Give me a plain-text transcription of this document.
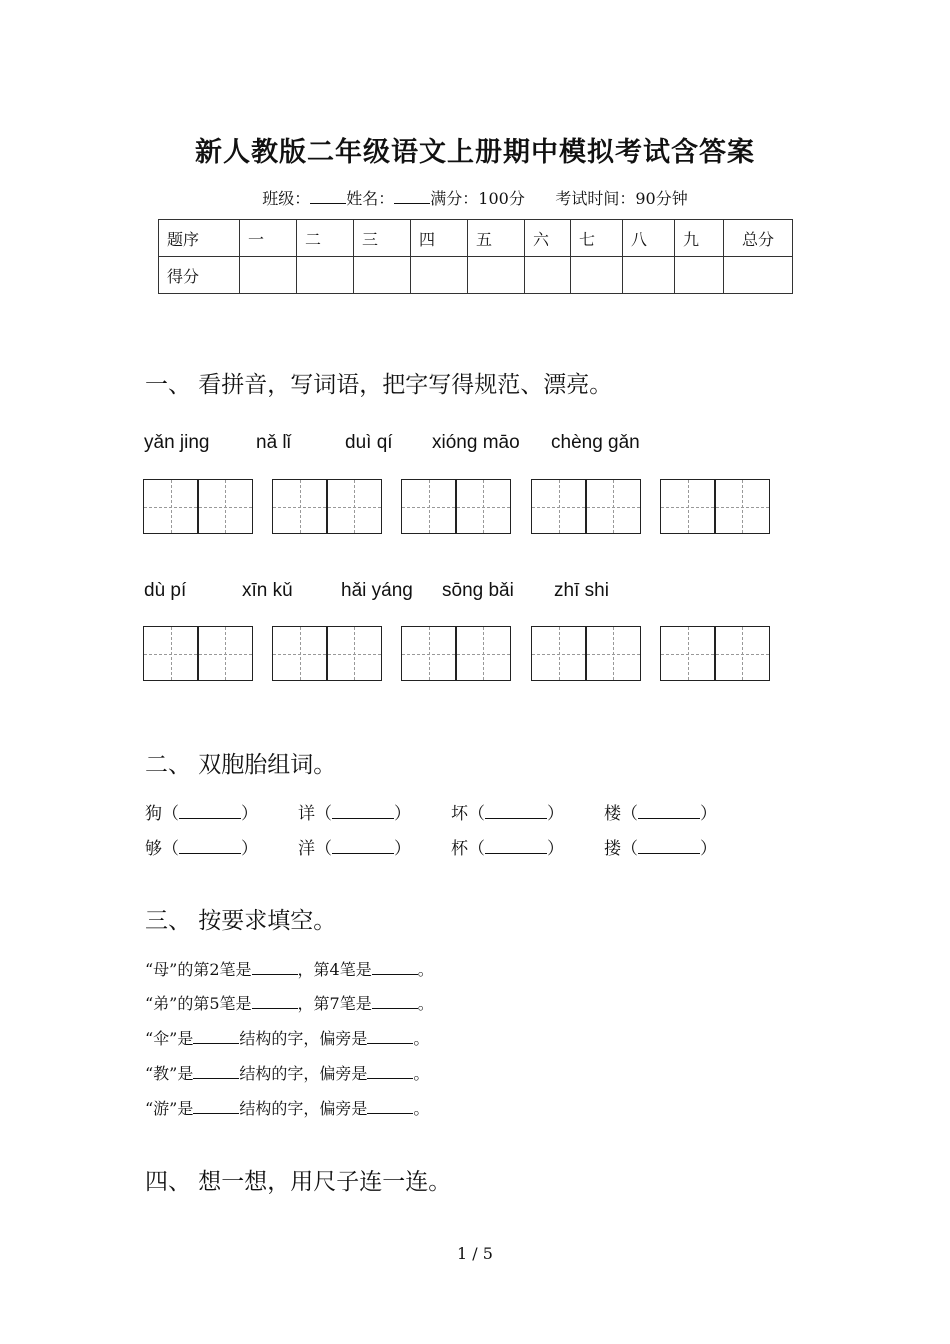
新人教版二年级语文上册期中模拟考试含答案
班级： 姓名： 满分：100分 考试时间：90分钟
题序	一	二	三	四	五	六	七	八	九	总分
得分										
一、 看拼音，写词语，把字写得规范、漂亮。
yǎn jing nǎ lǐ	duì qí xióng māo chèng gǎn
dù pí	xīn kǔ	hǎi yáng sōng bǎi zhī shi
二、 双胞胎组词。
狗（	） 详（	） 坏（	） 楼（	）
够（	） 洋（	） 杯（	） 搂（	）
三、 按要求填空。
“母”的第2笔是	，第4笔是	。
“弟”的第5笔是	，第7笔是	。
“伞”是	结构的字，偏旁是	。
“教”是	结构的字，偏旁是	。
“游”是	结构的字，偏旁是	。
四、 想一想，用尺子连一连。
1 / 5
